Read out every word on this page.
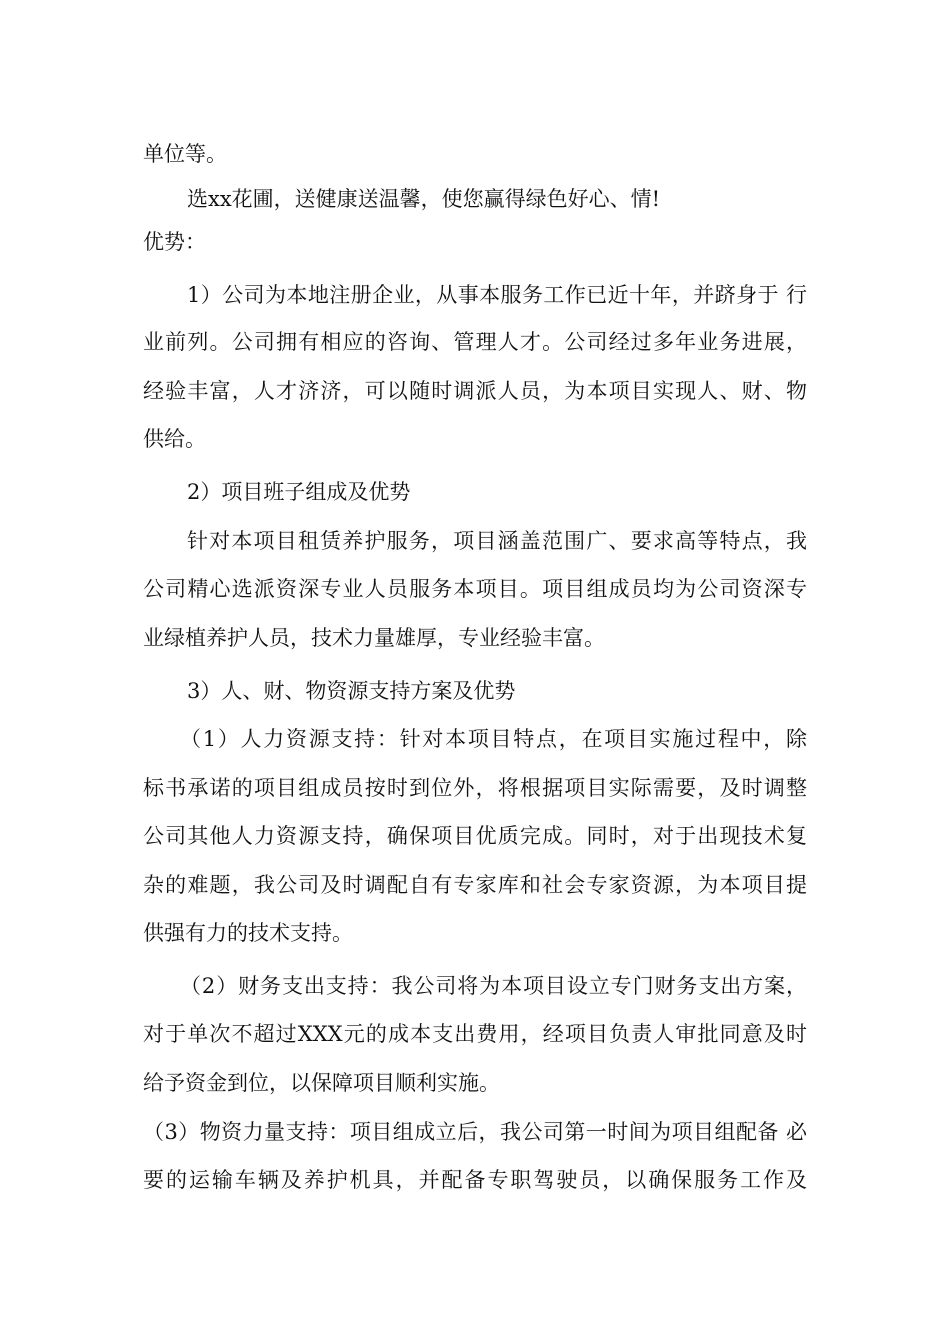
单位等。
选xx花圃，送健康送温馨，使您赢得绿色好心、情!
优势：
1）公司为本地注册企业，从事本服务工作已近十年，并跻身于 行
业前列。公司拥有相应的咨询、管理人才。公司经过多年业务进展，
经验丰富，人才济济，可以随时调派人员，为本项目实现人、财、物
供给。
2）项目班子组成及优势
针对本项目租赁养护服务，项目涵盖范围广、要求高等特点，我
公司精心选派资深专业人员服务本项目。项目组成员均为公司资深专
业绿植养护人员，技术力量雄厚，专业经验丰富。
3）人、财、物资源支持方案及优势
（1）人力资源支持：针对本项目特点，在项目实施过程中，除
标书承诺的项目组成员按时到位外，将根据项目实际需要，及时调整
公司其他人力资源支持，确保项目优质完成。同时，对于出现技术复
杂的难题，我公司及时调配自有专家库和社会专家资源，为本项目提
供强有力的技术支持。
（2）财务支出支持：我公司将为本项目设立专门财务支出方案，
对于单次不超过XXX元的成本支出费用，经项目负责人审批同意及时
给予资金到位，以保障项目顺利实施。
（3）物资力量支持：项目组成立后，我公司第一时间为项目组配备 必
要的运输车辆及养护机具，并配备专职驾驶员，以确保服务工作及
